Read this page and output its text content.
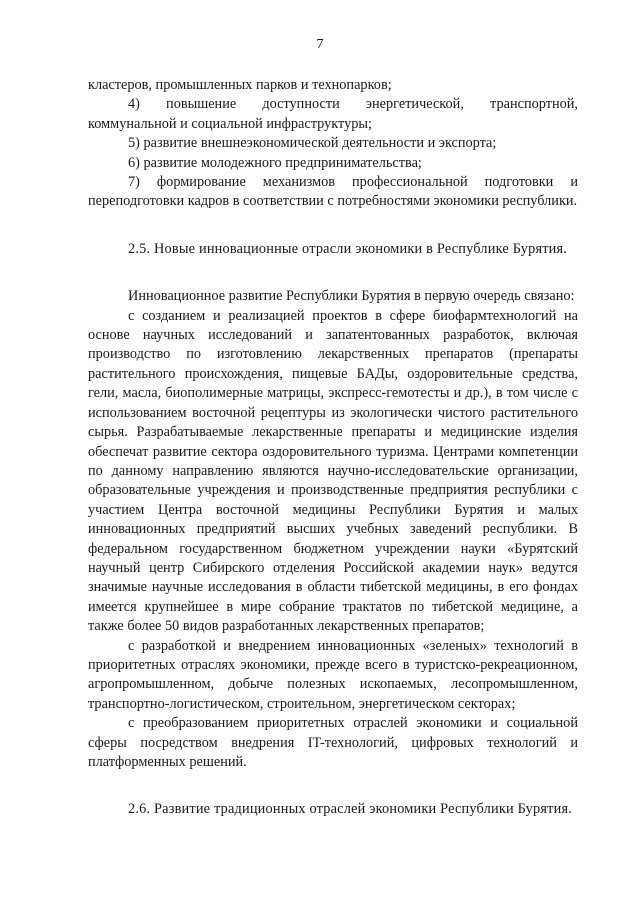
7

кластеров, промышленных парков и технопарков;

4) повышение доступности энергетической, транспортной, коммунальной и социальной инфраструктуры;

5) развитие внешнеэкономической деятельности и экспорта;

6) развитие молодежного предпринимательства;

7) формирование механизмов профессиональной подготовки и переподготовки кадров в соответствии с потребностями экономики республики.

2.5. Новые инновационные отрасли экономики в Республике Бурятия.

Инновационное развитие Республики Бурятия в первую очередь связано:

с созданием и реализацией проектов в сфере биофармтехнологий на основе научных исследований и запатентованных разработок, включая производство по изготовлению лекарственных препаратов (препараты растительного происхождения, пищевые БАДы, оздоровительные средства, гели, масла, биополимерные матрицы, экспресс-гемотесты и др.), в том числе с использованием восточной рецептуры из экологически чистого растительного сырья. Разрабатываемые лекарственные препараты и медицинские изделия обеспечат развитие сектора оздоровительного туризма. Центрами компетенции по данному направлению являются научно-исследовательские организации, образовательные учреждения и производственные предприятия республики с участием Центра восточной медицины Республики Бурятия и малых инновационных предприятий высших учебных заведений республики. В федеральном государственном бюджетном учреждении науки «Бурятский научный центр Сибирского отделения Российской академии наук» ведутся значимые научные исследования в области тибетской медицины, в его фондах имеется крупнейшее в мире собрание трактатов по тибетской медицине, а также более 50 видов разработанных лекарственных препаратов;

с разработкой и внедрением инновационных «зеленых» технологий в приоритетных отраслях экономики, прежде всего в туристско-рекреационном, агропромышленном, добыче полезных ископаемых, лесопромышленном, транспортно-логистическом, строительном, энергетическом секторах;

с преобразованием приоритетных отраслей экономики и социальной сферы посредством внедрения IT-технологий, цифровых технологий и платформенных решений.

2.6. Развитие традиционных отраслей экономики Республики Бурятия.
